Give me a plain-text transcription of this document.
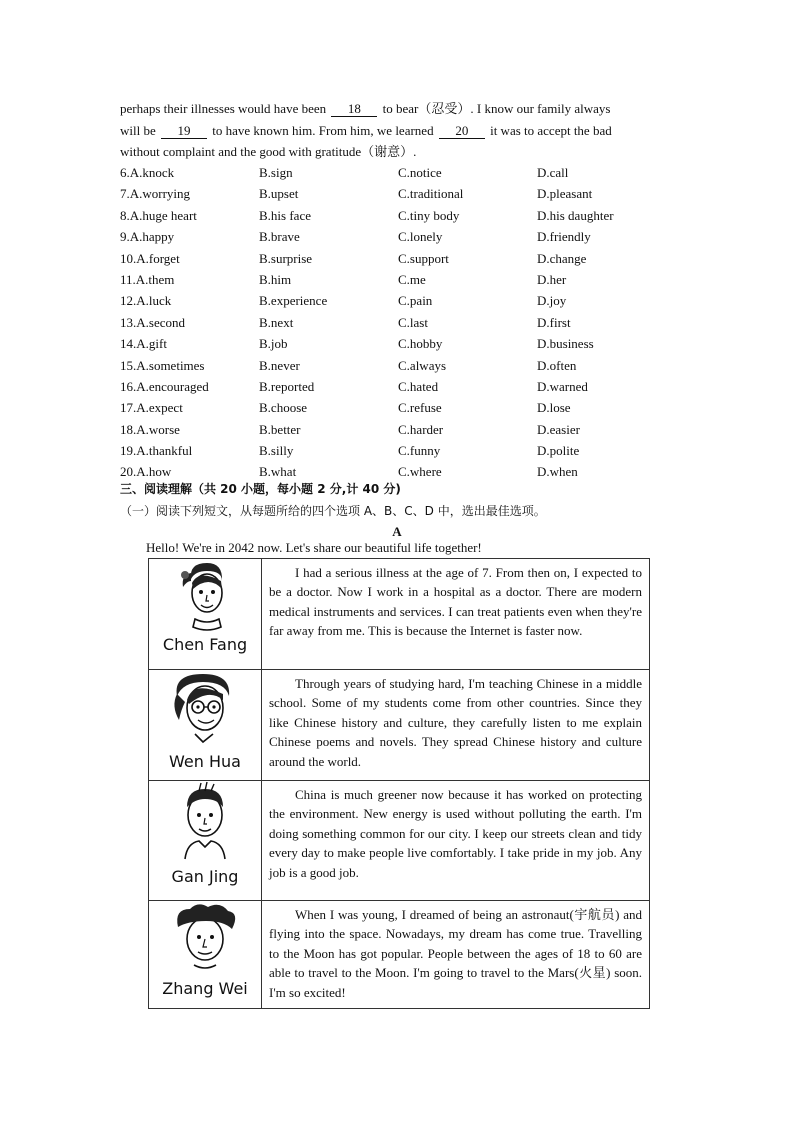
perhaps their illnesses would have been 18 to bear（忍受）. I know our family always
will be 19 to have known him. From him, we learned 20 it was to accept the bad
without complaint and the good with gratitude（谢意）.
6.A.knock	B.sign	C.notice	D.call
7.A.worrying	B.upset	C.traditional	D.pleasant
8.A.huge heart	B.his face	C.tiny body	D.his daughter
9.A.happy	B.brave	C.lonely	D.friendly
10.A.forget	B.surprise	C.support	D.change
11.A.them	B.him	C.me	D.her
12.A.luck	B.experience	C.pain	D.joy
13.A.second	B.next	C.last	D.first
14.A.gift	B.job	C.hobby	D.business
15.A.sometimes	B.never	C.always	D.often
16.A.encouraged	B.reported	C.hated	D.warned
17.A.expect	B.choose	C.refuse	D.lose
18.A.worse	B.better	C.harder	D.easier
19.A.thankful	B.silly	C.funny	D.polite
20.A.how	B.what	C.where	D.when
三、阅读理解（共 20 小题，每小题 2 分,计 40 分)
（一）阅读下列短文，从每题所给的四个选项 A、B、C、D 中，选出最佳选项。
A
Hello! We're in 2042 now. Let's share our beautiful life together!
Chen Fang	I had a serious illness at the age of 7. From then on, I expected to be a doctor. Now I work in a hospital as a doctor. There are modern medical instruments and services. I can treat patients even when they're far away from me. This is because the Internet is faster now.

Wen Hua	Through years of studying hard, I'm teaching Chinese in a middle school. Some of my students come from other countries. Since they like Chinese history and culture, they carefully listen to me explain Chinese poems and novels. They spread Chinese history and culture around the world.

Gan Jing	China is much greener now because it has worked on protecting the environment. New energy is used without polluting the earth. I'm doing something common for our city. I keep our streets clean and tidy every day to make people live comfortably. I take pride in my job. Any job is a good job.

Zhang Wei	When I was young, I dreamed of being an astronaut(宇航员) and flying into the space. Nowadays, my dream has come true. Travelling to the Moon has got popular. People between the ages of 18 to 60 are able to travel to the Moon. I'm going to travel to the Mars(火星) soon. I'm so excited!
